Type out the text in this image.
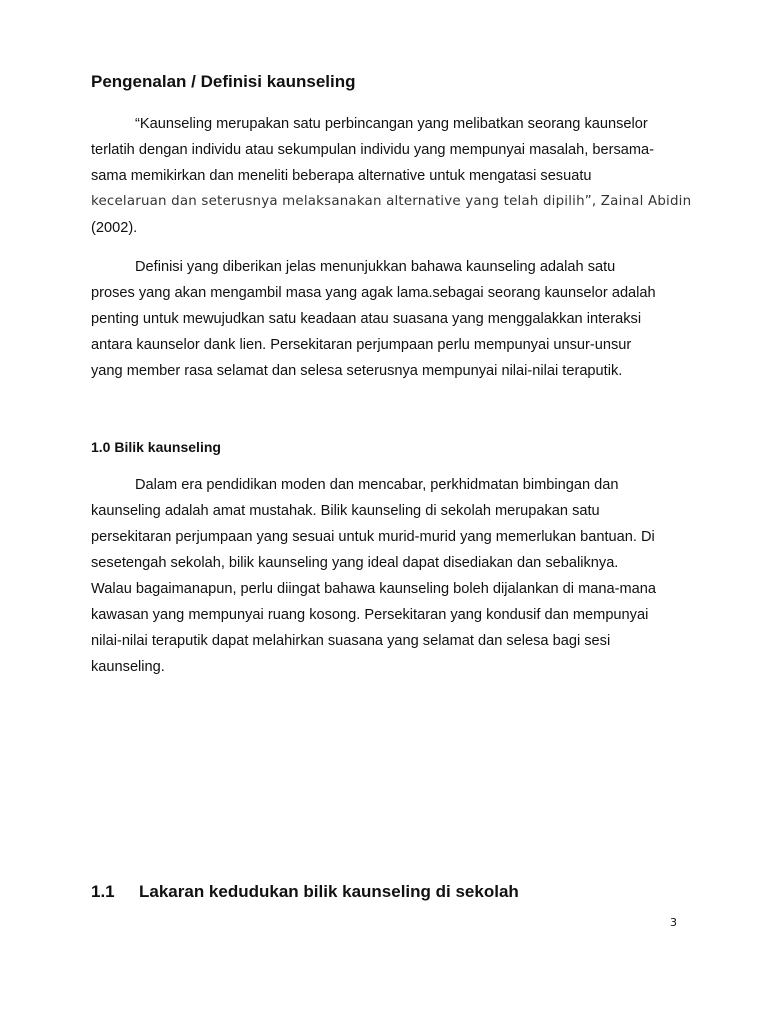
Pengenalan / Definisi kaunseling
“Kaunseling merupakan satu perbincangan yang melibatkan seorang kaunselor
terlatih dengan individu atau sekumpulan individu yang mempunyai masalah, bersama-
sama memikirkan dan meneliti beberapa alternative untuk mengatasi sesuatu
kecelaruan dan seterusnya melaksanakan alternative yang telah dipilih”, Zainal Abidin
(2002).
Definisi yang diberikan jelas menunjukkan bahawa kaunseling adalah satu
proses yang akan mengambil masa yang agak lama.sebagai seorang kaunselor adalah
penting untuk mewujudkan satu keadaan atau suasana yang menggalakkan interaksi
antara kaunselor dank lien. Persekitaran perjumpaan perlu mempunyai unsur-unsur
yang member rasa selamat dan selesa seterusnya mempunyai nilai-nilai teraputik.
1.0 Bilik kaunseling
Dalam era pendidikan moden dan mencabar, perkhidmatan bimbingan dan
kaunseling adalah amat mustahak. Bilik kaunseling di sekolah merupakan satu
persekitaran perjumpaan yang sesuai untuk murid-murid yang memerlukan bantuan. Di
sesetengah sekolah, bilik kaunseling yang ideal dapat disediakan dan sebaliknya.
Walau bagaimanapun, perlu diingat bahawa kaunseling boleh dijalankan di mana-mana
kawasan yang mempunyai ruang kosong. Persekitaran yang kondusif dan mempunyai
nilai-nilai teraputik dapat melahirkan suasana yang selamat dan selesa bagi sesi
kaunseling.
1.1 Lakaran kedudukan bilik kaunseling di sekolah
3
